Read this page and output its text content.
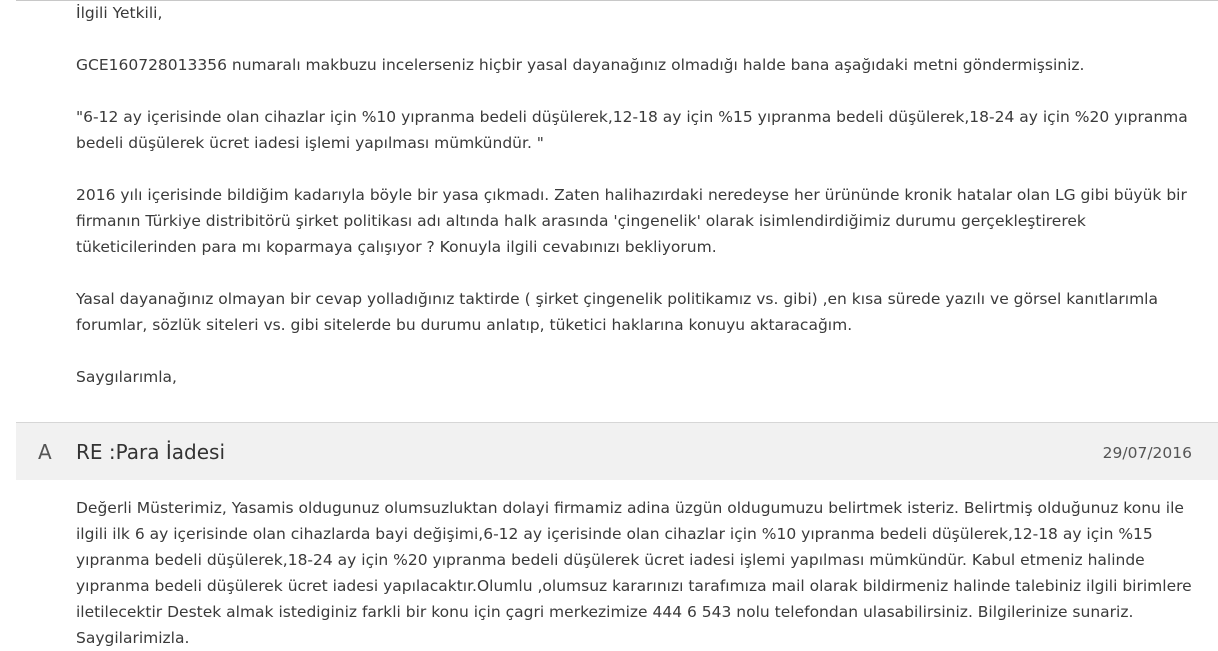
İlgili Yetkili,

GCE160728013356 numaralı makbuzu incelerseniz hiçbir yasal dayanağınız olmadığı halde bana aşağıdaki metni göndermişsiniz.

"6-12 ay içerisinde olan cihazlar için %10 yıpranma bedeli düşülerek,12-18 ay için %15 yıpranma bedeli düşülerek,18-24 ay için %20 yıpranma bedeli düşülerek ücret iadesi işlemi yapılması mümkündür. "

2016 yılı içerisinde bildiğim kadarıyla böyle bir yasa çıkmadı. Zaten halihazırdaki neredeyse her ürününde kronik hatalar olan LG gibi büyük bir firmanın Türkiye distribitörü şirket politikası adı altında halk arasında 'çingenelik' olarak isimlendirdiğimiz durumu gerçekleştirerek tüketicilerinden para mı koparmaya çalışıyor ? Konuyla ilgili cevabınızı bekliyorum.

Yasal dayanağınız olmayan bir cevap yolladığınız taktirde ( şirket çingenelik politikamız vs. gibi) ,en kısa sürede yazılı ve görsel kanıtlarımla forumlar, sözlük siteleri vs. gibi sitelerde bu durumu anlatıp, tüketici haklarına konuyu aktaracağım.

Saygılarımla,

A RE :Para İadesi	29/07/2016

Değerli Müsterimiz, Yasamis oldugunuz olumsuzluktan dolayi firmamiz adina üzgün oldugumuzu belirtmek isteriz. Belirtmiş olduğunuz konu ile ilgili ilk 6 ay içerisinde olan cihazlarda bayi değişimi,6-12 ay içerisinde olan cihazlar için %10 yıpranma bedeli düşülerek,12-18 ay için %15 yıpranma bedeli düşülerek,18-24 ay için %20 yıpranma bedeli düşülerek ücret iadesi işlemi yapılması mümkündür. Kabul etmeniz halinde yıpranma bedeli düşülerek ücret iadesi yapılacaktır.Olumlu ,olumsuz kararınızı tarafımıza mail olarak bildirmeniz halinde talebiniz ilgili birimlere iletilecektir Destek almak istediginiz farkli bir konu için çagri merkezimize 444 6 543 nolu telefondan ulasabilirsiniz. Bilgilerinize sunariz. Saygilarimizla.
